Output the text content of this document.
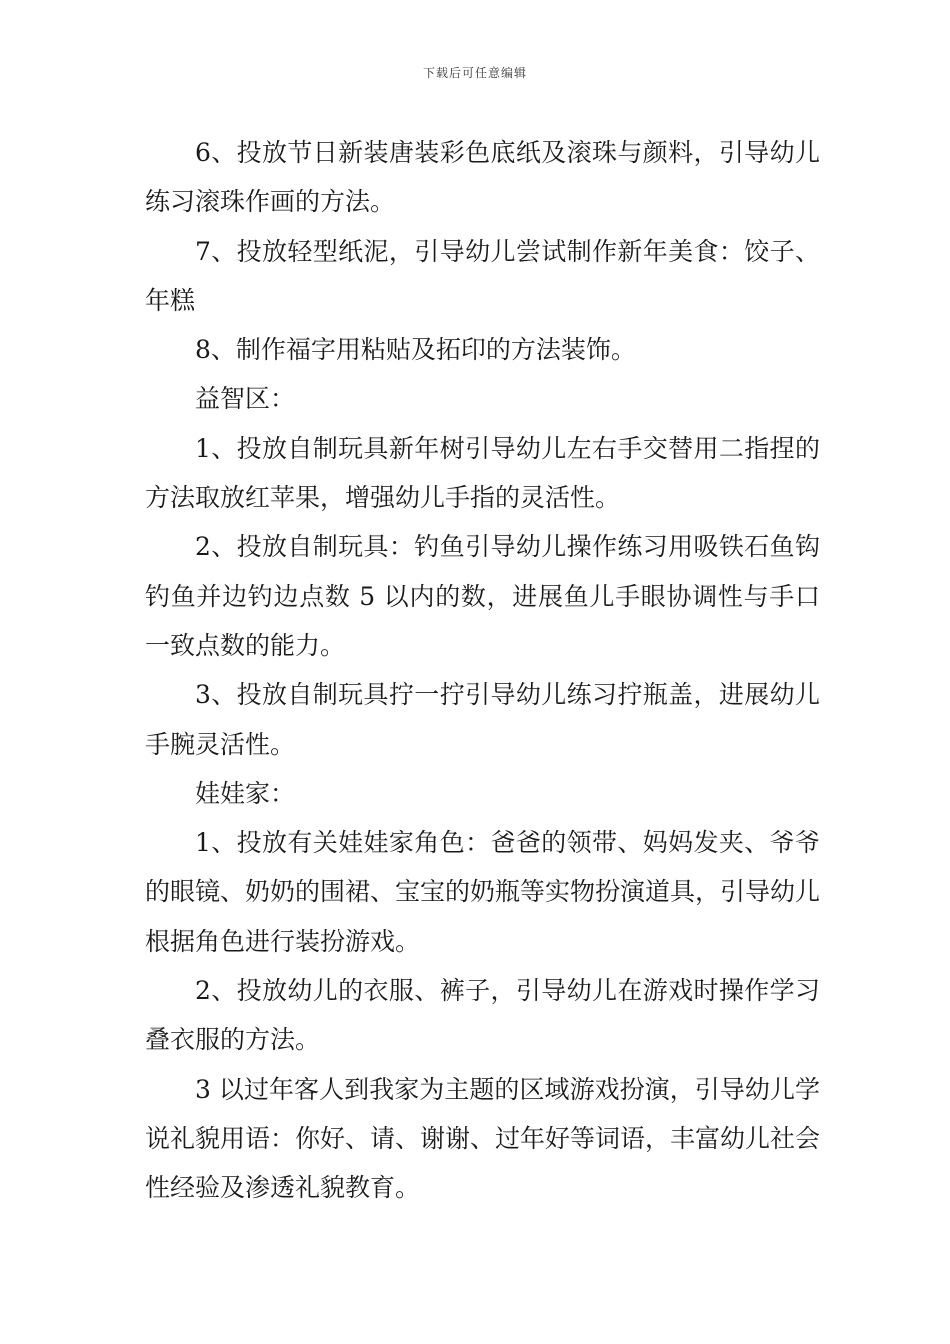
下载后可任意编辑

6、投放节日新装唐装彩色底纸及滚珠与颜料，引导幼儿练习滚珠作画的方法。

7、投放轻型纸泥，引导幼儿尝试制作新年美食：饺子、年糕

8、制作福字用粘贴及拓印的方法装饰。

益智区：

1、投放自制玩具新年树引导幼儿左右手交替用二指捏的方法取放红苹果，增强幼儿手指的灵活性。

2、投放自制玩具：钓鱼引导幼儿操作练习用吸铁石鱼钩钓鱼并边钓边点数 5 以内的数，进展鱼儿手眼协调性与手口一致点数的能力。

3、投放自制玩具拧一拧引导幼儿练习拧瓶盖，进展幼儿手腕灵活性。

娃娃家：

1、投放有关娃娃家角色：爸爸的领带、妈妈发夹、爷爷的眼镜、奶奶的围裙、宝宝的奶瓶等实物扮演道具，引导幼儿根据角色进行装扮游戏。

2、投放幼儿的衣服、裤子，引导幼儿在游戏时操作学习叠衣服的方法。

3 以过年客人到我家为主题的区域游戏扮演，引导幼儿学说礼貌用语：你好、请、谢谢、过年好等词语，丰富幼儿社会性经验及渗透礼貌教育。
